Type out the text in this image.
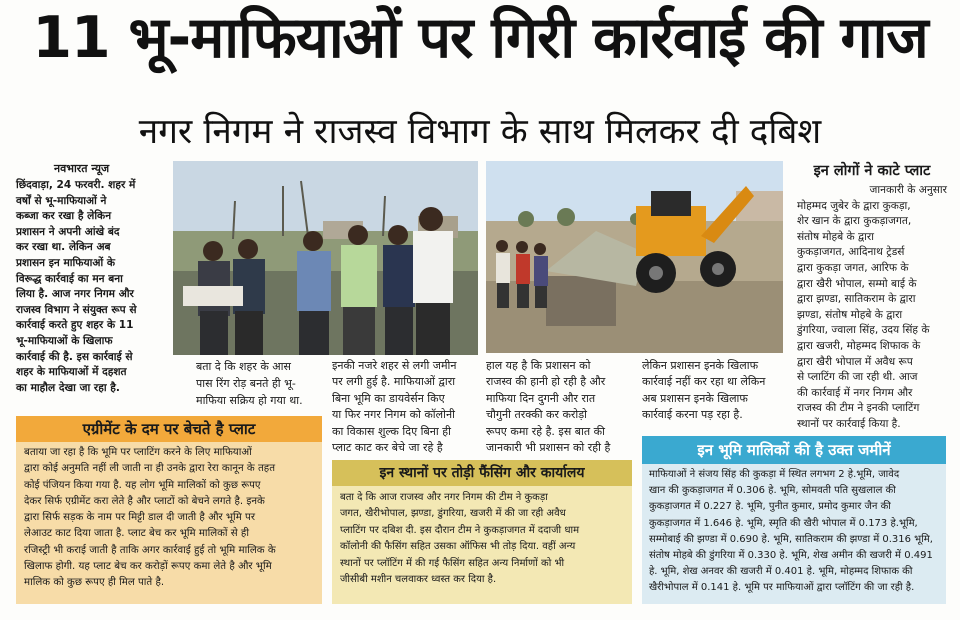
11 भू-माफियाओं पर गिरी कार्रवाई की गाज
नगर निगम ने राजस्व विभाग के साथ मिलकर दी दबिश
नवभारत न्यूज
छिंदवाड़ा, 24 फरवरी. शहर में
वर्षों से भू-माफियाओं ने
कब्जा कर रखा है लेकिन
प्रशासन ने अपनी आंखे बंद
कर रखा था. लेकिन अब
प्रशासन इन माफियाओं के
विरूद्ध कार्रवाई का मन बना
लिया है. आज नगर निगम और
राजस्व विभाग ने संयुक्त रूप से
कार्रवाई करते हुए शहर के 11
भू-माफियाओं के खिलाफ
कार्रवाई की है. इस कार्रवाई से
शहर के माफियाओं में दहशत
का माहौल देखा जा रहा है.
बता दे कि शहर के आस
पास रिंग रोड़ बनते ही भू-
माफिया सक्रिय हो गया था.
इनकी नजरे शहर से लगी जमीन
पर लगी हुई है. माफियाओं द्वारा
बिना भूमि का डायवेर्सन किए
या फिर नगर निगम को कॉलोनी
का विकास शुल्क दिए बिना ही
प्लाट काट कर बेचे जा रहे है
हाल यह है कि प्रशासन को
राजस्व की हानी हो रही है और
माफिया दिन दुगनी और रात
चौगुनी तरक्की कर करोड़ो
रूपए कमा रहे है. इस बात की
जानकारी भी प्रशासन को रही है
लेकिन प्रशासन इनके खिलाफ
कार्रवाई नहीं कर रहा था लेकिन
अब प्रशासन इनके खिलाफ
कार्रवाई करना पड़ रहा है.
इन लोगों ने काटे प्लाट
जानकारी के अनुसार
मोहम्मद जुबेर के द्वारा कुकड़ा,
शेर खान के द्वारा कुकड़ाजगत,
संतोष मोहबे के द्वारा
कुकड़ाजगत, आदिनाथ ट्रेडर्स
द्वारा कुकड़ा जगत, आरिफ के
द्वारा खैरी भोपाल, सम्मो बाई के
द्वारा झण्डा, सातिकराम के द्वारा
झण्डा, संतोष मोहबे के द्वारा
डुंगरिया, ज्वाला सिंह, उदय सिंह के
द्वारा खजरी, मोहम्मद शिफाक के
द्वारा खैरी भोपाल में अवैध रूप
से प्लाटिंग की जा रही थी. आज
की कार्रवाई में नगर निगम और
राजस्व की टीम ने इनकी प्लाटिंग
स्थानों पर कार्रवाई किया है.
एग्रीमेंट के दम पर बेचते है प्लाट
बताया जा रहा है कि भूमि पर प्लाटिंग करने के लिए माफियाओं
द्वारा कोई अनुमति नहीं ली जाती ना ही उनके द्वारा रेरा कानून के तहत
कोई पंजियन किया गया है. यह लोग भूमि मालिकों को कुछ रूपए
देकर सिर्फ एग्रीमेंट करा लेते है और प्लाटों को बेचने लगते है. इनके
द्वारा सिर्फ सड़क के नाम पर मिट्टी डाल दी जाती है और भूमि पर
लेआउट काट दिया जाता है. प्लाट बेच कर भूमि मालिकों से ही
रजिस्ट्री भी कराई जाती है ताकि अगर कार्रवाई हुई तो भूमि मालिक के
खिलाफ होगी. यह प्लाट बेच कर करोड़ों रूपए कमा लेते है और भूमि
मालिक को कुछ रूपए ही मिल पाते है.
इन स्थानों पर तोड़ी फैंसिंग और कार्यालय
बता दे कि आज राजस्व और नगर निगम की टीम ने कुकड़ा
जगत, खैरीभोपाल, झण्डा, डुंगरिया, खजरी में की जा रही अवैध
प्लाटिंग पर दबिश दी. इस दौरान टीम ने कुकड़ाजगत में ददाजी धाम
कॉलोनी की फैसिंग सहित उसका ऑफिस भी तोड़ दिया. वहीं अन्य
स्थानों पर प्लॉटिंग में की गई फैसिंग सहित अन्य निर्माणों को भी
जीसीबी मशीन चलवाकर ध्वस्त कर दिया है.
इन भूमि मालिकों की है उक्त जमीनें
माफियाओं ने संजय सिंह की कुकड़ा में स्थित लगभग 2 हे.भूमि, जावेद
खान की कुकड़ाजगत में 0.306 हे. भूमि, सोमवती पति सुखलाल की
कुकड़ाजगत में 0.227 हे. भूमि, पुनीत कुमार, प्रमोद कुमार जैन की
कुकड़ाजगत में 1.646 हे. भूमि, स्मृति की खैरी भोपाल में 0.173 हे.भूमि,
सम्मोबाई की झण्डा में 0.690 हे. भूमि, सातिकराम की झण्डा में 0.316 भूमि,
संतोष मोहबे की डुंगरिया में 0.330 हे. भूमि, शेख अमीन की खजरी में 0.491
हे. भूमि, शेख अनवर की खजरी में 0.401 हे. भूमि, मोहम्मद शिफाक की
खैरीभोपाल में 0.141 हे. भूमि पर माफियाओं द्वारा प्लॉटिंग की जा रही है.
